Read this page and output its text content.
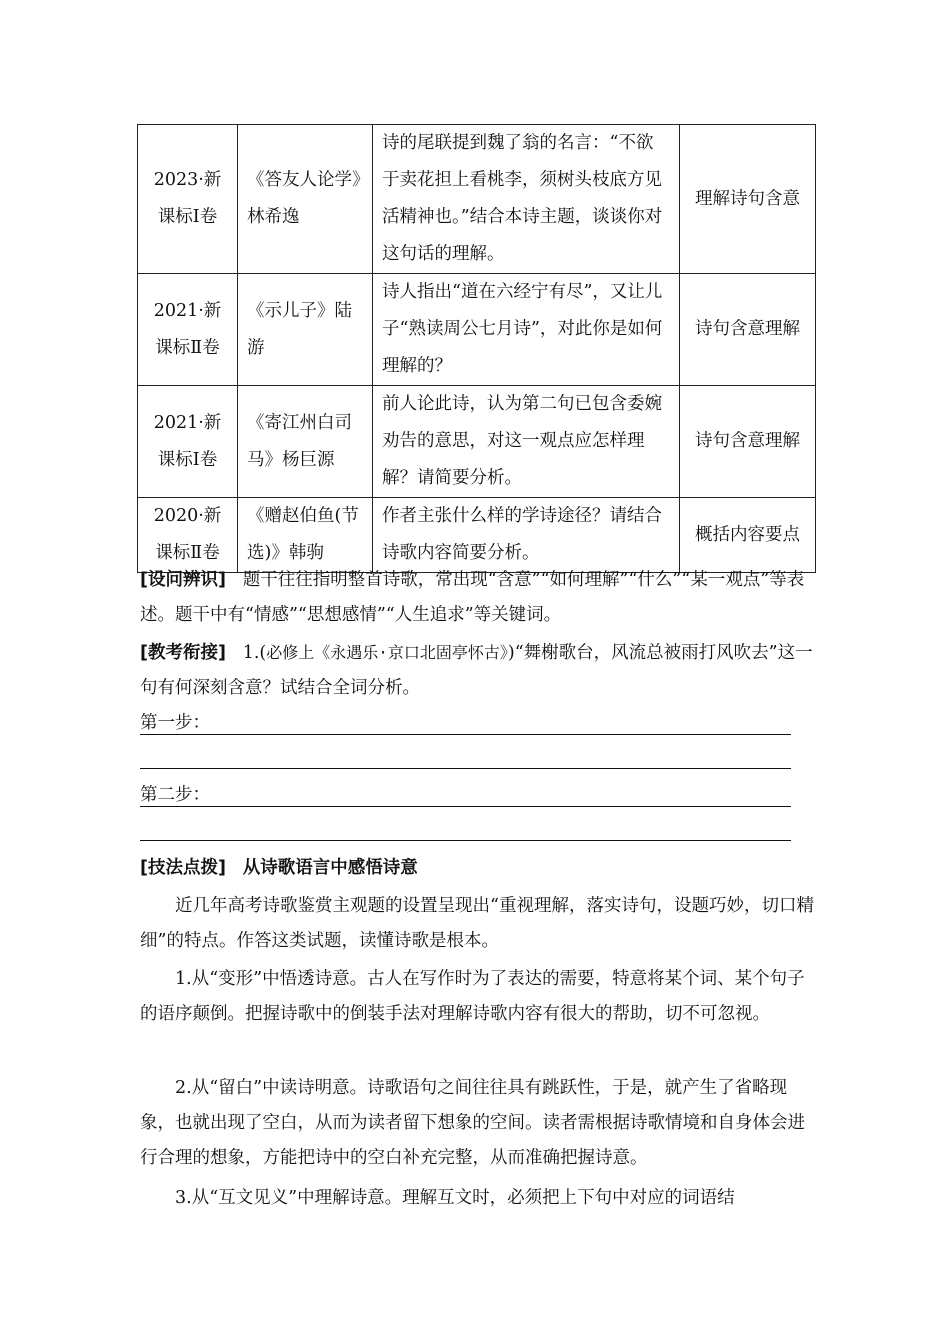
2023·新课标Ⅰ卷	《答友人论学》林希逸	诗的尾联提到魏了翁的名言：“不欲于卖花担上看桃李，须树头枝底方见活精神也。”结合本诗主题，谈谈你对这句话的理解。	理解诗句含意
2021·新课标Ⅱ卷	《示儿子》陆游	诗人指出“道在六经宁有尽”，又让儿子“熟读周公七月诗”，对此你是如何理解的？	诗句含意理解
2021·新课标Ⅰ卷	《寄江州白司马》杨巨源	前人论此诗，认为第二句已包含委婉劝告的意思，对这一观点应怎样理解？请简要分析。	诗句含意理解
2020·新课标Ⅱ卷	《赠赵伯鱼(节选)》韩驹	作者主张什么样的学诗途径？请结合诗歌内容简要分析。	概括内容要点
[设问辨识] 题干往往指明整首诗歌，常出现“含意”“如何理解”“什么”“某一观点”等表述。题干中有“情感”“思想感情”“人生追求”等关键词。
[教考衔接] 1.(必修上《永遇乐·京口北固亭怀古》)“舞榭歌台，风流总被雨打风吹去”这一句有何深刻含意？试结合全词分析。
第一步：
第二步：
[技法点拨] 从诗歌语言中感悟诗意
近几年高考诗歌鉴赏主观题的设置呈现出“重视理解，落实诗句，设题巧妙，切口精细”的特点。作答这类试题，读懂诗歌是根本。
1.从“变形”中悟透诗意。古人在写作时为了表达的需要，特意将某个词、某个句子的语序颠倒。把握诗歌中的倒装手法对理解诗歌内容有很大的帮助，切不可忽视。
2.从“留白”中读诗明意。诗歌语句之间往往具有跳跃性，于是，就产生了省略现象，也就出现了空白，从而为读者留下想象的空间。读者需根据诗歌情境和自身体会进行合理的想象，方能把诗中的空白补充完整，从而准确把握诗意。
3.从“互文见义”中理解诗意。理解互文时，必须把上下句中对应的词语结
